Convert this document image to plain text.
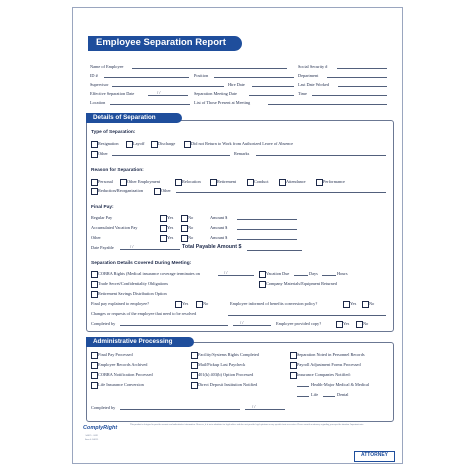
Employee Separation Report
Name of Employee	Social Security #
ID #	Position	Department
Supervisor	Hire Date	Last Date Worked
Effective Separation Date	/ /	Separation Meeting Date	Time
Location	List of Those Present at Meeting
Details of Separation
Type of Separation:
Resignation	Layoff	Discharge	Did not Return to Work from Authorized Leave of Absence
Other	Remarks
Reason for Separation:
Personal	Other Employment	Relocation	Retirement	Conduct	Attendance	Performance
Reduction/Reorganization	Other
Final Pay:
Regular Pay	Yes	No	Amount $
Accumulated Vacation Pay	Yes	No	Amount $
Other	Yes	No	Amount $
Date Payable	/ /	Total Payable Amount $
Separation Details Covered During Meeting:
COBRA Rights (Medical insurance coverage terminates on	/ /	Vacation Due	Days	Hours
Trade Secret/Confidentiality Obligations	Company Materials/Equipment Returned
Retirement Savings Distribution Option
Final pay explained to employee?	Yes	No	Employee informed of benefits conversion policy?	Yes	No
Changes or requests of the employee that need to be resolved
Completed by	/ /	Employee provided copy?	Yes	No
Administrative Processing
Final Pay Processed
Employee Records Archived
COBRA Notification Processed
Life Insurance Conversion
Facility/Systems Rights Completed
Mail/Pickup Last Paycheck
401(k) 403(b) Option Processed
Direct Deposit Institution Notified
Separation Noted in Personnel Records
Payroll Adjustment Forms Processed
Insurance Companies Notified:
Health-Major Medical & Medical
Life	Dental
Completed by	/ /
ComplyRight
A0625 · 8/09
Item # A0625
This product is designed to provide accurate and authoritative information. However, it is not a substitute for legal advice and does not provide legal opinions on any specific facts or services. Please consult an attorney regarding your specific situation. Important note:
ATTORNEY
